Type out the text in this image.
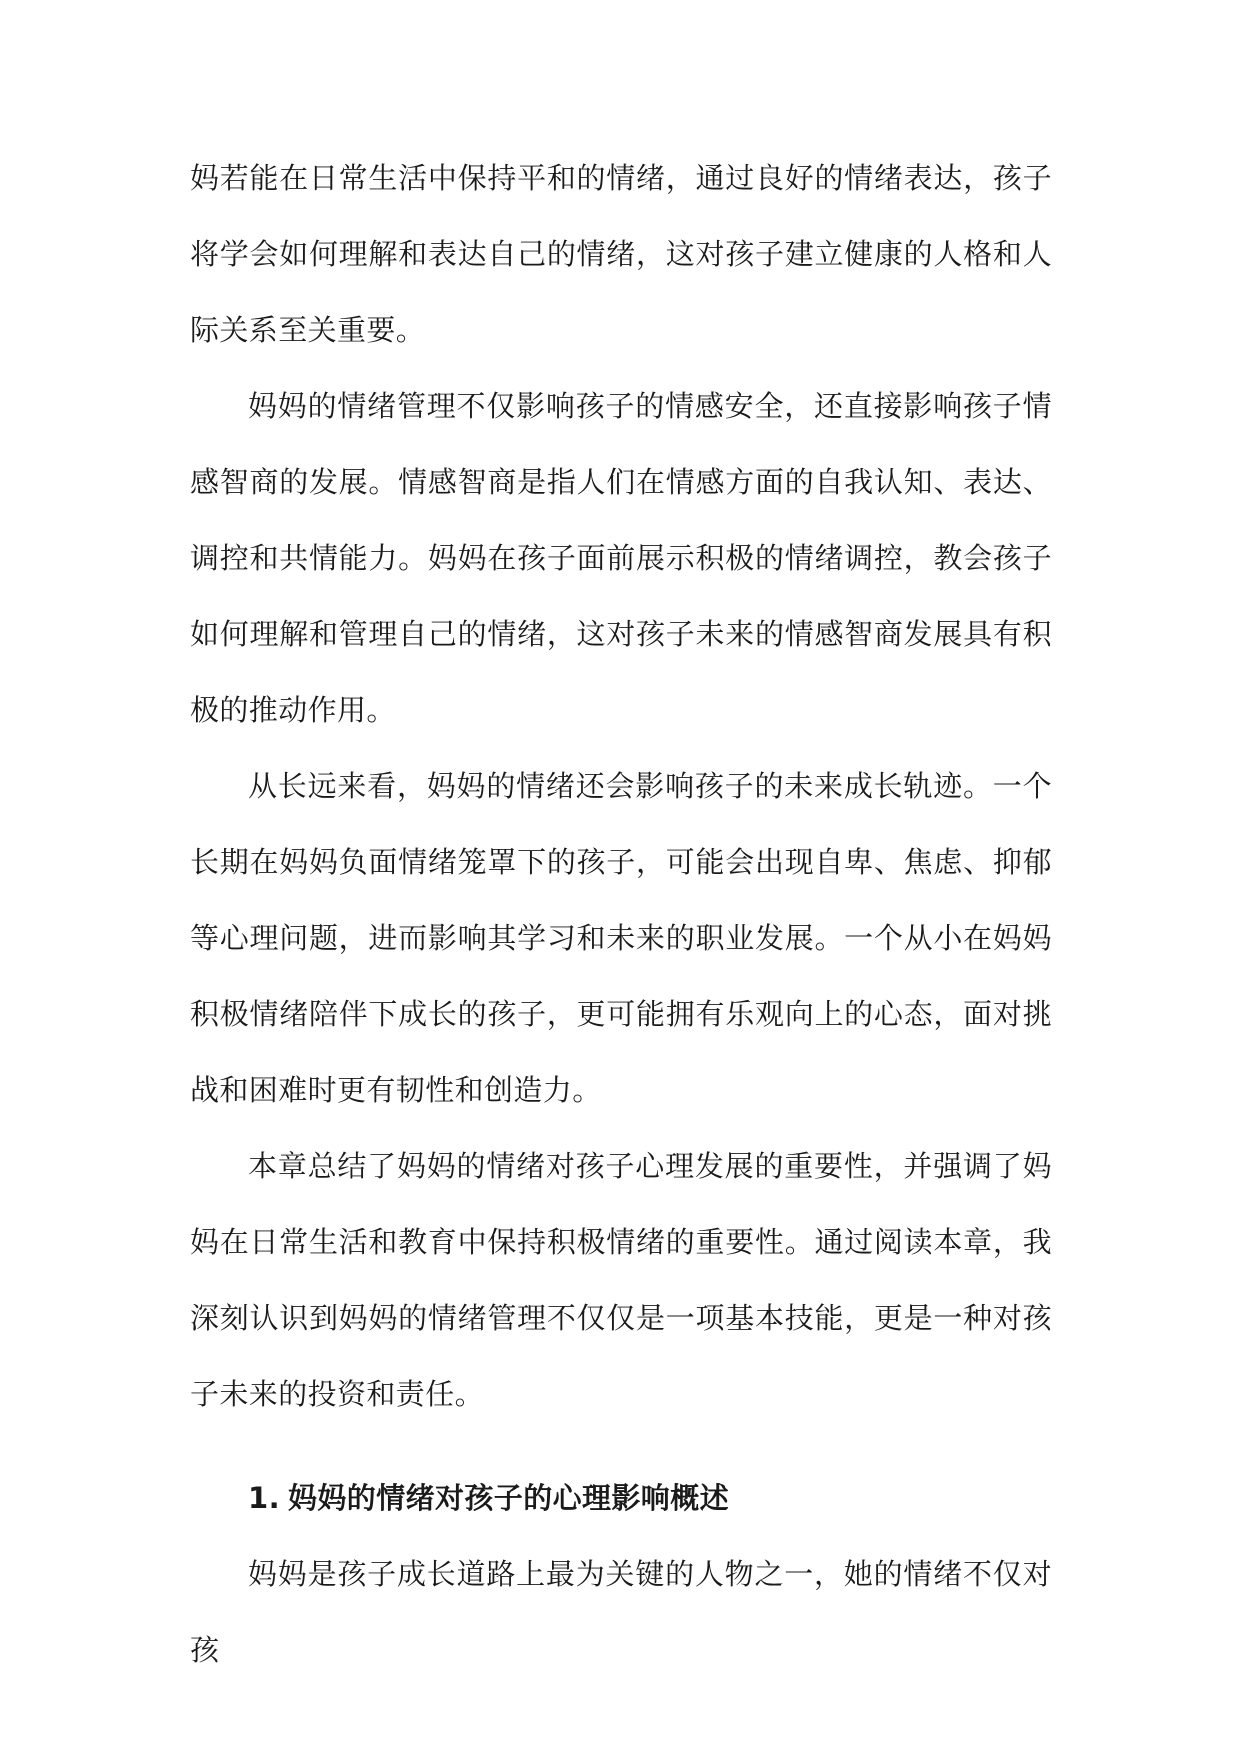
妈若能在日常生活中保持平和的情绪，通过良好的情绪表达，孩子将学会如何理解和表达自己的情绪，这对孩子建立健康的人格和人际关系至关重要。

妈妈的情绪管理不仅影响孩子的情感安全，还直接影响孩子情感智商的发展。情感智商是指人们在情感方面的自我认知、表达、调控和共情能力。妈妈在孩子面前展示积极的情绪调控，教会孩子如何理解和管理自己的情绪，这对孩子未来的情感智商发展具有积极的推动作用。

从长远来看，妈妈的情绪还会影响孩子的未来成长轨迹。一个长期在妈妈负面情绪笼罩下的孩子，可能会出现自卑、焦虑、抑郁等心理问题，进而影响其学习和未来的职业发展。一个从小在妈妈积极情绪陪伴下成长的孩子，更可能拥有乐观向上的心态，面对挑战和困难时更有韧性和创造力。

本章总结了妈妈的情绪对孩子心理发展的重要性，并强调了妈妈在日常生活和教育中保持积极情绪的重要性。通过阅读本章，我深刻认识到妈妈的情绪管理不仅仅是一项基本技能，更是一种对孩子未来的投资和责任。

1. 妈妈的情绪对孩子的心理影响概述

妈妈是孩子成长道路上最为关键的人物之一，她的情绪不仅对孩
